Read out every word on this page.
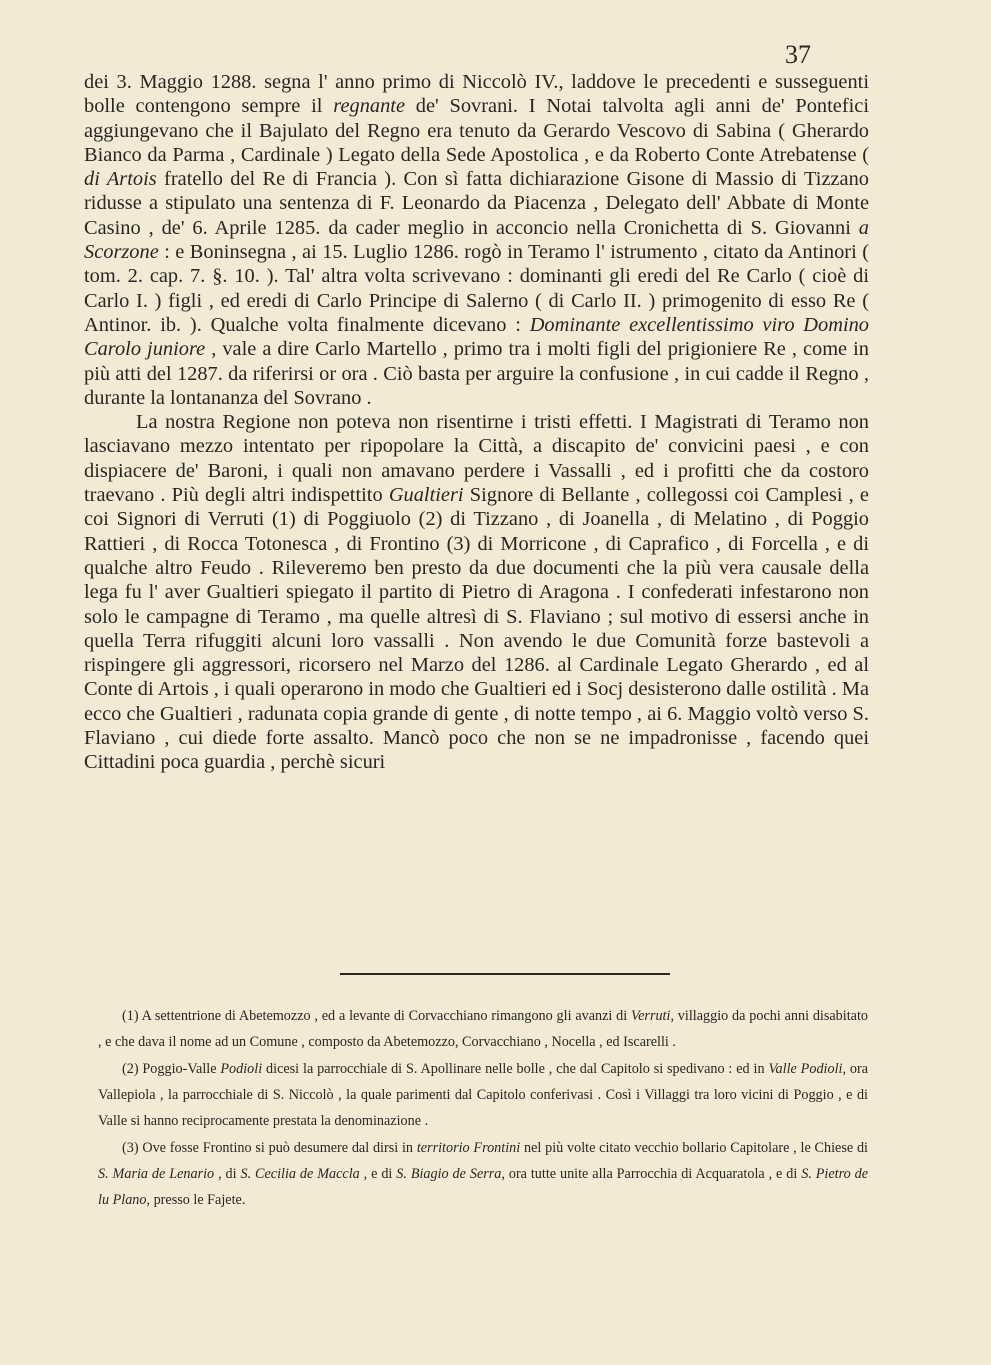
37

dei 3. Maggio 1288. segna l' anno primo di Niccolò IV., laddove le precedenti e susseguenti bolle contengono sempre il regnante de' Sovrani. I Notai talvolta agli anni de' Pontefici aggiungevano che il Bajulato del Regno era tenuto da Gerardo Vescovo di Sabina ( Gherardo Bianco da Parma , Cardinale ) Legato della Sede Apostolica , e da Roberto Conte Atrebatense ( di Artois fratello del Re di Francia ). Con sì fatta dichiarazione Gisone di Massio di Tizzano ridusse a stipulato una sentenza di F. Leonardo da Piacenza , Delegato dell' Abbate di Monte Casino , de' 6. Aprile 1285. da cader meglio in acconcio nella Cronichetta di S. Giovanni a Scorzone : e Boninsegna , ai 15. Luglio 1286. rogò in Teramo l' istrumento , citato da Antinori ( tom. 2. cap. 7. §. 10. ). Tal' altra volta scrivevano : dominanti gli eredi del Re Carlo ( cioè di Carlo I. ) figli , ed eredi di Carlo Principe di Salerno ( di Carlo II. ) primogenito di esso Re ( Antinor. ib. ). Qualche volta finalmente dicevano : Dominante excellentissimo viro Domino Carolo juniore , vale a dire Carlo Martello , primo tra i molti figli del prigioniere Re , come in più atti del 1287. da riferirsi or ora . Ciò basta per arguire la confusione , in cui cadde il Regno , durante la lontananza del Sovrano .

La nostra Regione non poteva non risentirne i tristi effetti. I Magistrati di Teramo non lasciavano mezzo intentato per ripopolare la Città, a discapito de' convicini paesi , e con dispiacere de' Baroni, i quali non amavano perdere i Vassalli , ed i profitti che da costoro traevano . Più degli altri indispettito Gualtieri Signore di Bellante , collegossi coi Camplesi , e coi Signori di Verruti (1) di Poggiuolo (2) di Tizzano , di Joanella , di Melatino , di Poggio Rattieri , di Rocca Totonesca , di Frontino (3) di Morricone , di Caprafico , di Forcella , e di qualche altro Feudo . Rileveremo ben presto da due documenti che la più vera causale della lega fu l' aver Gualtieri spiegato il partito di Pietro di Aragona . I confederati infestarono non solo le campagne di Teramo , ma quelle altresì di S. Flaviano ; sul motivo di essersi anche in quella Terra rifuggiti alcuni loro vassalli . Non avendo le due Comunità forze bastevoli a rispingere gli aggressori, ricorsero nel Marzo del 1286. al Cardinale Legato Gherardo , ed al Conte di Artois , i quali operarono in modo che Gualtieri ed i Socj desisterono dalle ostilità . Ma ecco che Gualtieri , radunata copia grande di gente , di notte tempo , ai 6. Maggio voltò verso S. Flaviano , cui diede forte assalto. Mancò poco che non se ne impadronisse , facendo quei Cittadini poca guardia , perchè sicuri

(1) A settentrione di Abetemozzo , ed a levante di Corvacchiano rimangono gli avanzi di Verruti, villaggio da pochi anni disabitato , e che dava il nome ad un Comune , composto da Abetemozzo, Corvacchiano , Nocella , ed Iscarelli .

(2) Poggio-Valle Podioli dicesi la parrocchiale di S. Apollinare nelle bolle , che dal Capitolo si spedivano : ed in Valle Podioli, ora Vallepiola , la parrocchiale di S. Niccolò , la quale parimenti dal Capitolo conferivasi . Così i Villaggi tra loro vicini di Poggio , e di Valle si hanno reciprocamente prestata la denominazione .

(3) Ove fosse Frontino si può desumere dal dirsi in territorio Frontini nel più volte citato vecchio bollario Capitolare , le Chiese di S. Maria de Lenario , di S. Cecilia de Maccla , e di S. Biagio de Serra, ora tutte unite alla Parrocchia di Acquaratola , e di S. Pietro de lu Plano, presso le Fajete.
